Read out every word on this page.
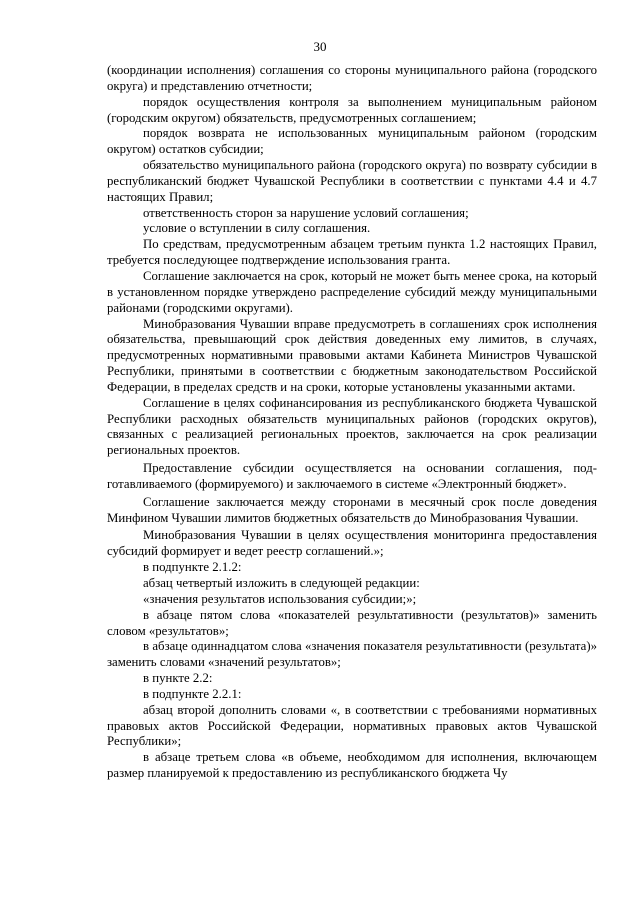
30

(координации исполнения) соглашения со стороны муниципального района (городского округа) и представлению отчетности;

порядок осуществления контроля за выполнением муниципальным районом (городским округом) обязательств, предусмотренных соглашением;

порядок возврата не использованных муниципальным районом (городским округом) остатков субсидии;

обязательство муниципального района (городского округа) по возврату субсидии в республиканский бюджет Чувашской Республики в соответствии с пунктами 4.4 и 4.7 настоящих Правил;

ответственность сторон за нарушение условий соглашения;

условие о вступлении в силу соглашения.

По средствам, предусмотренным абзацем третьим пункта 1.2 настоящих Правил, требуется последующее подтверждение использования гранта.

Соглашение заключается на срок, который не может быть менее срока, на который в установленном порядке утверждено распределение субсидий между муниципальными районами (городскими округами).

Минобразования Чувашии вправе предусмотреть в соглашениях срок исполнения обязательства, превышающий срок действия доведенных ему лимитов, в случаях, предусмотренных нормативными правовыми актами Кабинета Министров Чувашской Республики, принятыми в соответствии с бюджетным законодательством Российской Федерации, в пределах средств и на сроки, которые установлены указанными актами.

Соглашение в целях софинансирования из республиканского бюджета Чувашской Республики расходных обязательств муниципальных районов (городских округов), связанных с реализацией региональных проектов, заключается на срок реализации региональных проектов.

Предоставление субсидии осуществляется на основании соглашения, подготавливаемого (формируемого) и заключаемого в системе «Электронный бюджет».

Соглашение заключается между сторонами в месячный срок после доведения Минфином Чувашии лимитов бюджетных обязательств до Минобразования Чувашии.

Минобразования Чувашии в целях осуществления мониторинга предоставления субсидий формирует и ведет реестр соглашений.»;

в подпункте 2.1.2:

абзац четвертый изложить в следующей редакции:

«значения результатов использования субсидии;»;

в абзаце пятом слова «показателей результативности (результатов)» заменить словом «результатов»;

в абзаце одиннадцатом слова «значения показателя результативности (результата)» заменить словами «значений результатов»;

в пункте 2.2:

в подпункте 2.2.1:

абзац второй дополнить словами «, в соответствии с требованиями нормативных правовых актов Российской Федерации, нормативных правовых актов Чувашской Республики»;

в абзаце третьем слова «в объеме, необходимом для исполнения, включающем размер планируемой к предоставлению из республиканского бюджета Чу
